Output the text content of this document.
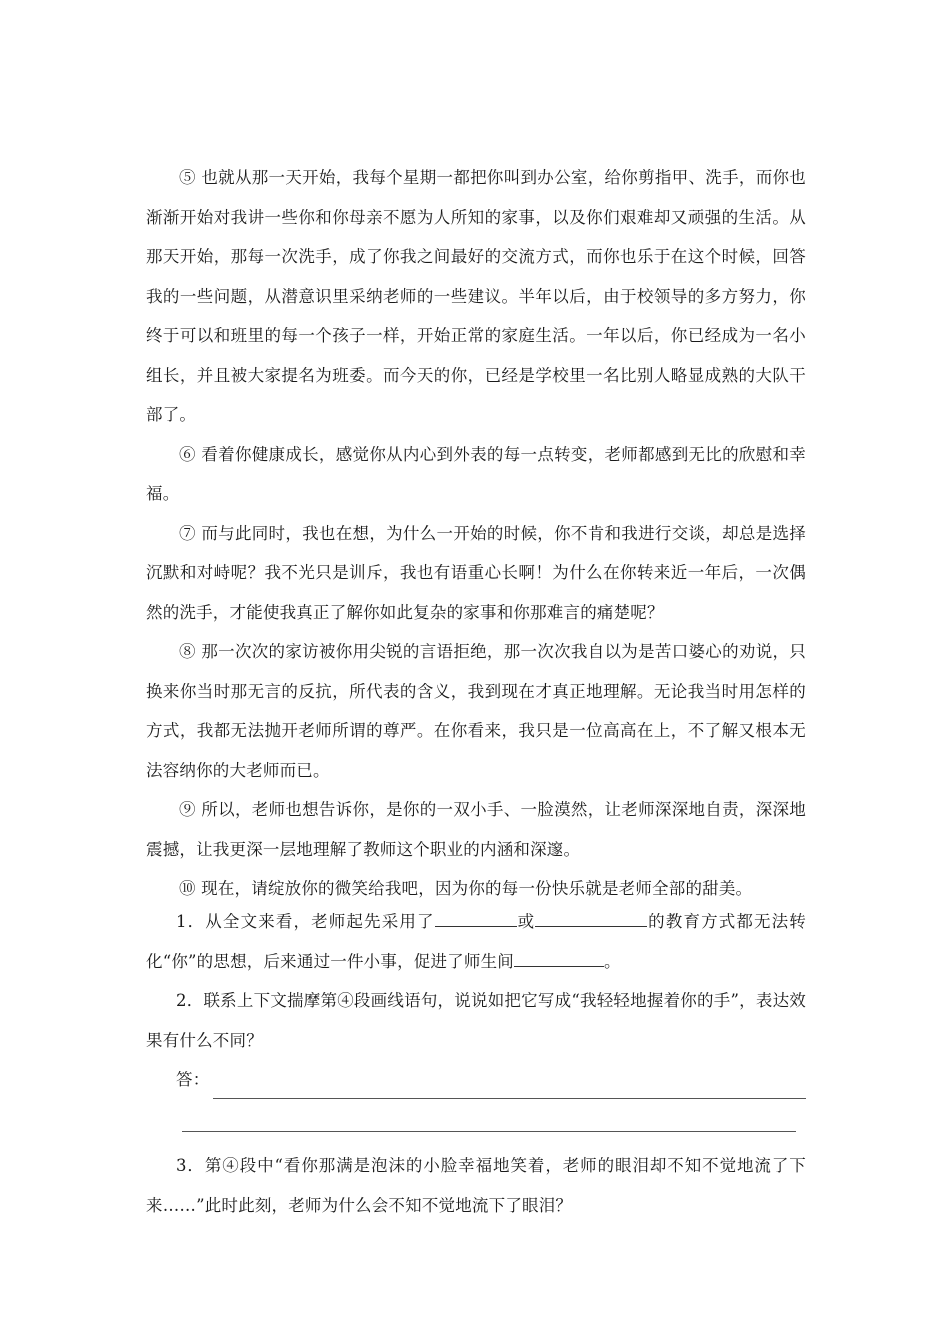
⑤ 也就从那一天开始，我每个星期一都把你叫到办公室，给你剪指甲、洗手，而你也渐渐开始对我讲一些你和你母亲不愿为人所知的家事，以及你们艰难却又顽强的生活。从那天开始，那每一次洗手，成了你我之间最好的交流方式，而你也乐于在这个时候，回答我的一些问题，从潜意识里采纳老师的一些建议。半年以后，由于校领导的多方努力，你终于可以和班里的每一个孩子一样，开始正常的家庭生活。一年以后，你已经成为一名小组长，并且被大家提名为班委。而今天的你，已经是学校里一名比别人略显成熟的大队干部了。

⑥ 看着你健康成长，感觉你从内心到外表的每一点转变，老师都感到无比的欣慰和幸福。

⑦ 而与此同时，我也在想，为什么一开始的时候，你不肯和我进行交谈，却总是选择沉默和对峙呢？我不光只是训斥，我也有语重心长啊！为什么在你转来近一年后，一次偶然的洗手，才能使我真正了解你如此复杂的家事和你那难言的痛楚呢？

⑧ 那一次次的家访被你用尖锐的言语拒绝，那一次次我自以为是苦口婆心的劝说，只换来你当时那无言的反抗，所代表的含义，我到现在才真正地理解。无论我当时用怎样的方式，我都无法抛开老师所谓的尊严。在你看来，我只是一位高高在上，不了解又根本无法容纳你的大老师而已。

⑨ 所以，老师也想告诉你，是你的一双小手、一脸漠然，让老师深深地自责，深深地震撼，让我更深一层地理解了教师这个职业的内涵和深邃。

⑩ 现在，请绽放你的微笑给我吧，因为你的每一份快乐就是老师全部的甜美。

1．从全文来看，老师起先采用了	或	的教育方式都无法转化“你”的思想，后来通过一件小事，促进了师生间	。

2．联系上下文揣摩第④段画线语句，说说如把它写成“我轻轻地握着你的手”，表达效果有什么不同？

答：

3．第④段中“看你那满是泡沫的小脸幸福地笑着，老师的眼泪却不知不觉地流了下来……”此时此刻，老师为什么会不知不觉地流下了眼泪？
